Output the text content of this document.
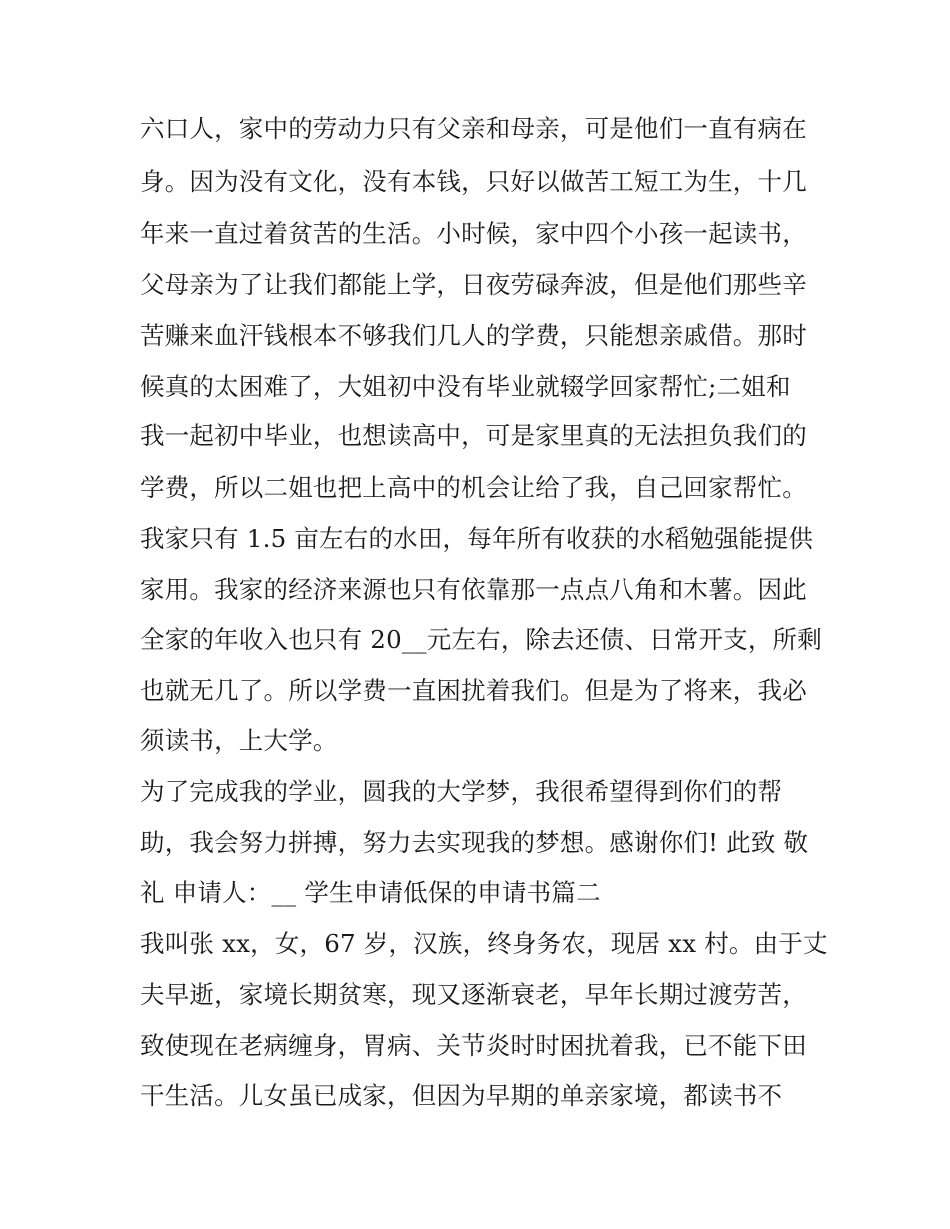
六口人，家中的劳动力只有父亲和母亲，可是他们一直有病在
身。因为没有文化，没有本钱，只好以做苦工短工为生，十几
年来一直过着贫苦的生活。小时候，家中四个小孩一起读书，
父母亲为了让我们都能上学，日夜劳碌奔波，但是他们那些辛
苦赚来血汗钱根本不够我们几人的学费，只能想亲戚借。那时
候真的太困难了，大姐初中没有毕业就辍学回家帮忙;二姐和
我一起初中毕业，也想读高中，可是家里真的无法担负我们的
学费，所以二姐也把上高中的机会让给了我，自己回家帮忙。
我家只有 1.5 亩左右的水田，每年所有收获的水稻勉强能提供
家用。我家的经济来源也只有依靠那一点点八角和木薯。因此
全家的年收入也只有 20__元左右，除去还债、日常开支，所剩
也就无几了。所以学费一直困扰着我们。但是为了将来，我必
须读书，上大学。
为了完成我的学业，圆我的大学梦，我很希望得到你们的帮
助，我会努力拼搏，努力去实现我的梦想。感谢你们! 此致 敬
礼 申请人：__ 学生申请低保的申请书篇二
我叫张 xx，女，67 岁，汉族，终身务农，现居 xx 村。由于丈
夫早逝，家境长期贫寒，现又逐渐衰老，早年长期过渡劳苦，
致使现在老病缠身，胃病、关节炎时时困扰着我，已不能下田
干生活。儿女虽已成家，但因为早期的单亲家境，都读书不
